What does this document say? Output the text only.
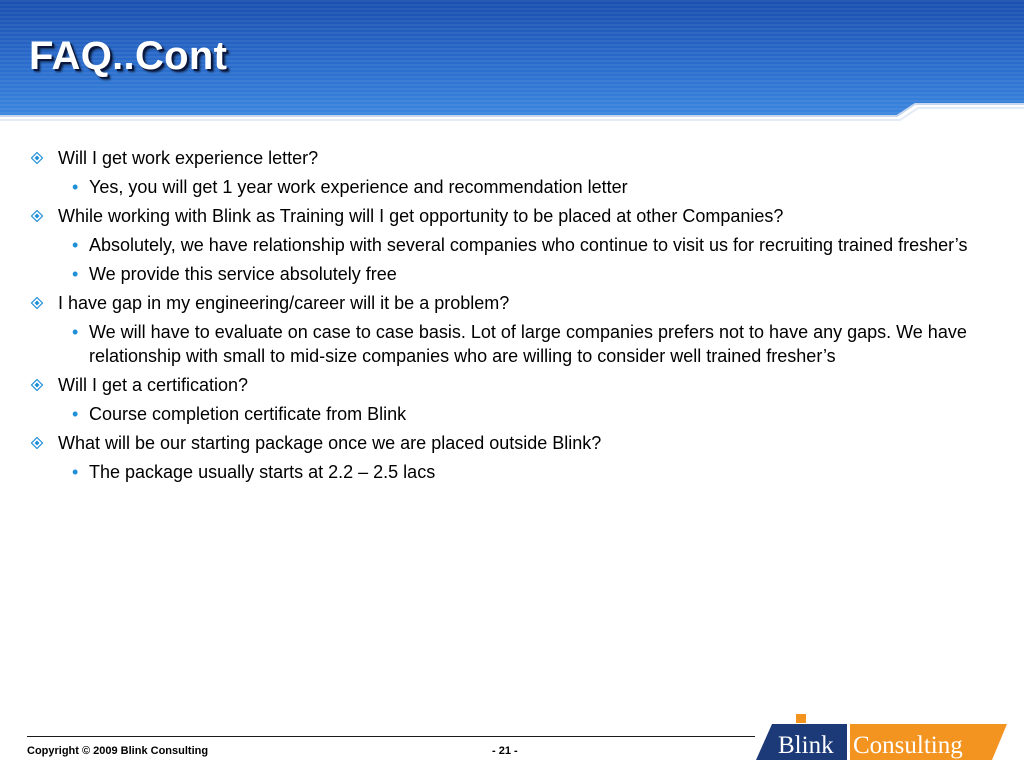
FAQ..Cont
Will I get work experience letter?
• Yes, you will get 1 year work experience and recommendation letter
While working with Blink as Training will I get opportunity to be placed at other Companies?
• Absolutely, we have relationship with several companies who continue to visit us for recruiting trained fresher’s
• We provide this service absolutely free
I have gap in my engineering/career will it be a problem?
• We will have to evaluate on case to case basis. Lot of large companies prefers not to have any gaps. We have relationship with small to mid-size companies who are willing to consider well trained fresher’s
Will I get a certification?
• Course completion certificate from Blink
What will be our starting package once we are placed outside Blink?
• The package usually starts at 2.2 – 2.5 lacs
Copyright © 2009 Blink Consulting	- 21 -	Blink Consulting
